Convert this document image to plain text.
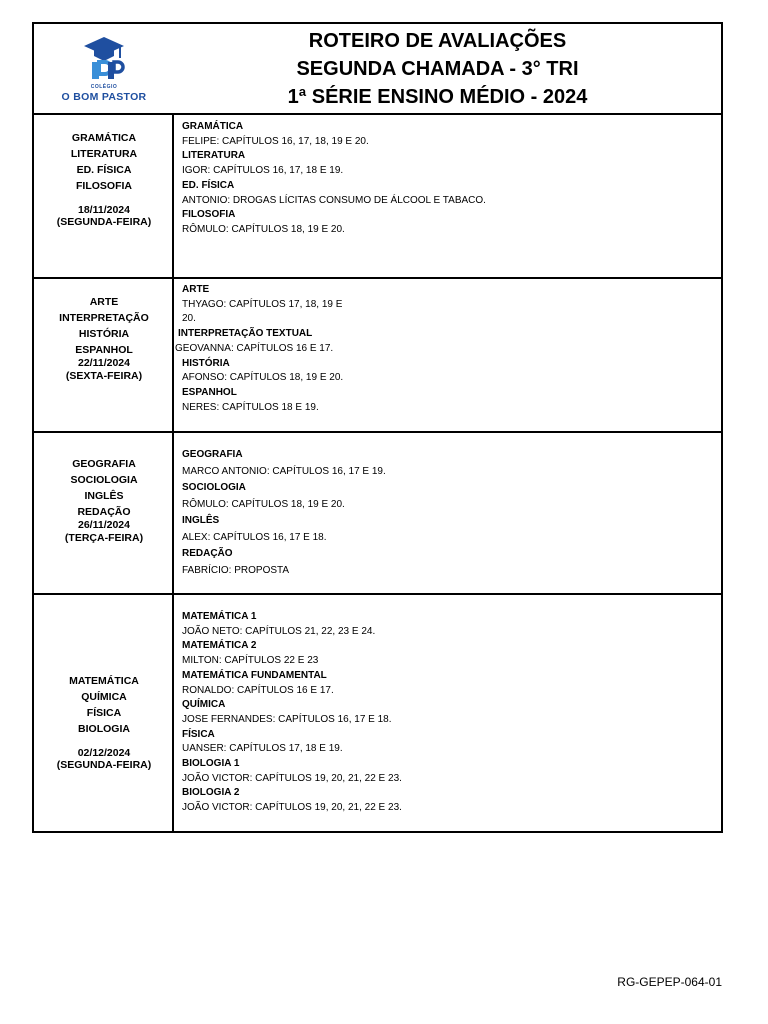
COLÉGIO
O BOM PASTOR
ROTEIRO DE AVALIAÇÕES
SEGUNDA CHAMADA - 3° TRI
1ª SÉRIE ENSINO MÉDIO - 2024
GRAMÁTICA
LITERATURA
ED. FÍSICA
FILOSOFIA
18/11/2024
(SEGUNDA-FEIRA)
GRAMÁTICA
FELIPE: CAPÍTULOS 16, 17, 18, 19 E 20.
LITERATURA
IGOR: CAPÍTULOS 16, 17, 18 E 19.
ED. FÍSICA
ANTONIO: DROGAS LÍCITAS CONSUMO DE ÁLCOOL E TABACO.
FILOSOFIA
RÔMULO: CAPÍTULOS 18, 19 E 20.
ARTE
INTERPRETAÇÃO
HISTÓRIA
ESPANHOL
22/11/2024
(SEXTA-FEIRA)
ARTE
THYAGO: CAPÍTULOS 17, 18, 19 E
20.
INTERPRETAÇÃO TEXTUAL
GEOVANNA: CAPÍTULOS 16 E 17.
HISTÓRIA
AFONSO: CAPÍTULOS 18, 19 E 20.
ESPANHOL
NERES: CAPÍTULOS 18 E 19.
GEOGRAFIA
SOCIOLOGIA
INGLÊS
REDAÇÃO
26/11/2024
(TERÇA-FEIRA)
GEOGRAFIA
MARCO ANTONIO: CAPÍTULOS 16, 17 E 19.
SOCIOLOGIA
RÔMULO: CAPÍTULOS 18, 19 E 20.
INGLÊS
ALEX: CAPÍTULOS 16, 17 E 18.
REDAÇÃO
FABRÍCIO: PROPOSTA
MATEMÁTICA
QUÍMICA
FÍSICA
BIOLOGIA
02/12/2024
(SEGUNDA-FEIRA)
MATEMÁTICA 1
JOÃO NETO: CAPÍTULOS 21, 22, 23 E 24.
MATEMÁTICA 2
MILTON: CAPÍTULOS 22 E 23
MATEMÁTICA FUNDAMENTAL
RONALDO: CAPÍTULOS 16 E 17.
QUÍMICA
JOSE FERNANDES: CAPÍTULOS 16, 17 E 18.
FÍSICA
UANSER: CAPÍTULOS 17, 18 E 19.
BIOLOGIA 1
JOÃO VICTOR: CAPÍTULOS 19, 20, 21, 22 E 23.
BIOLOGIA 2
JOÃO VICTOR: CAPÍTULOS 19, 20, 21, 22 E 23.
RG-GEPEP-064-01
